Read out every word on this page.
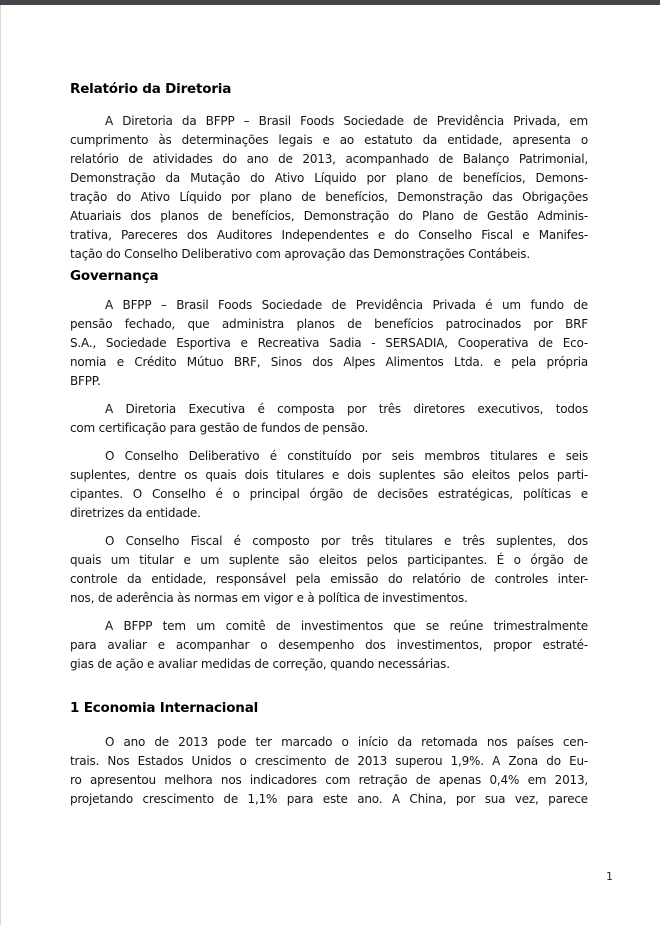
Relatório da Diretoria
A Diretoria da BFPP – Brasil Foods Sociedade de Previdência Privada, em
cumprimento às determinações legais e ao estatuto da entidade, apresenta o
relatório de atividades do ano de 2013, acompanhado de Balanço Patrimonial,
Demonstração da Mutação do Ativo Líquido por plano de benefícios, Demons-
tração do Ativo Líquido por plano de benefícios, Demonstração das Obrigações
Atuariais dos planos de benefícios, Demonstração do Plano de Gestão Adminis-
trativa, Pareceres dos Auditores Independentes e do Conselho Fiscal e Manifes-
tação do Conselho Deliberativo com aprovação das Demonstrações Contábeis.
Governança
A BFPP – Brasil Foods Sociedade de Previdência Privada é um fundo de
pensão fechado, que administra planos de benefícios patrocinados por BRF
S.A., Sociedade Esportiva e Recreativa Sadia - SERSADIA, Cooperativa de Eco-
nomia e Crédito Mútuo BRF, Sinos dos Alpes Alimentos Ltda. e pela própria
BFPP.
A Diretoria Executiva é composta por três diretores executivos, todos
com certificação para gestão de fundos de pensão.
O Conselho Deliberativo é constituído por seis membros titulares e seis
suplentes, dentre os quais dois titulares e dois suplentes são eleitos pelos parti-
cipantes. O Conselho é o principal órgão de decisões estratégicas, políticas e
diretrizes da entidade.
O Conselho Fiscal é composto por três titulares e três suplentes, dos
quais um titular e um suplente são eleitos pelos participantes. É o órgão de
controle da entidade, responsável pela emissão do relatório de controles inter-
nos, de aderência às normas em vigor e à política de investimentos.
A BFPP tem um comitê de investimentos que se reúne trimestralmente
para avaliar e acompanhar o desempenho dos investimentos, propor estraté-
gias de ação e avaliar medidas de correção, quando necessárias.
1 Economia Internacional
O ano de 2013 pode ter marcado o início da retomada nos países cen-
trais. Nos Estados Unidos o crescimento de 2013 superou 1,9%. A Zona do Eu-
ro apresentou melhora nos indicadores com retração de apenas 0,4% em 2013,
projetando crescimento de 1,1% para este ano. A China, por sua vez, parece
1
